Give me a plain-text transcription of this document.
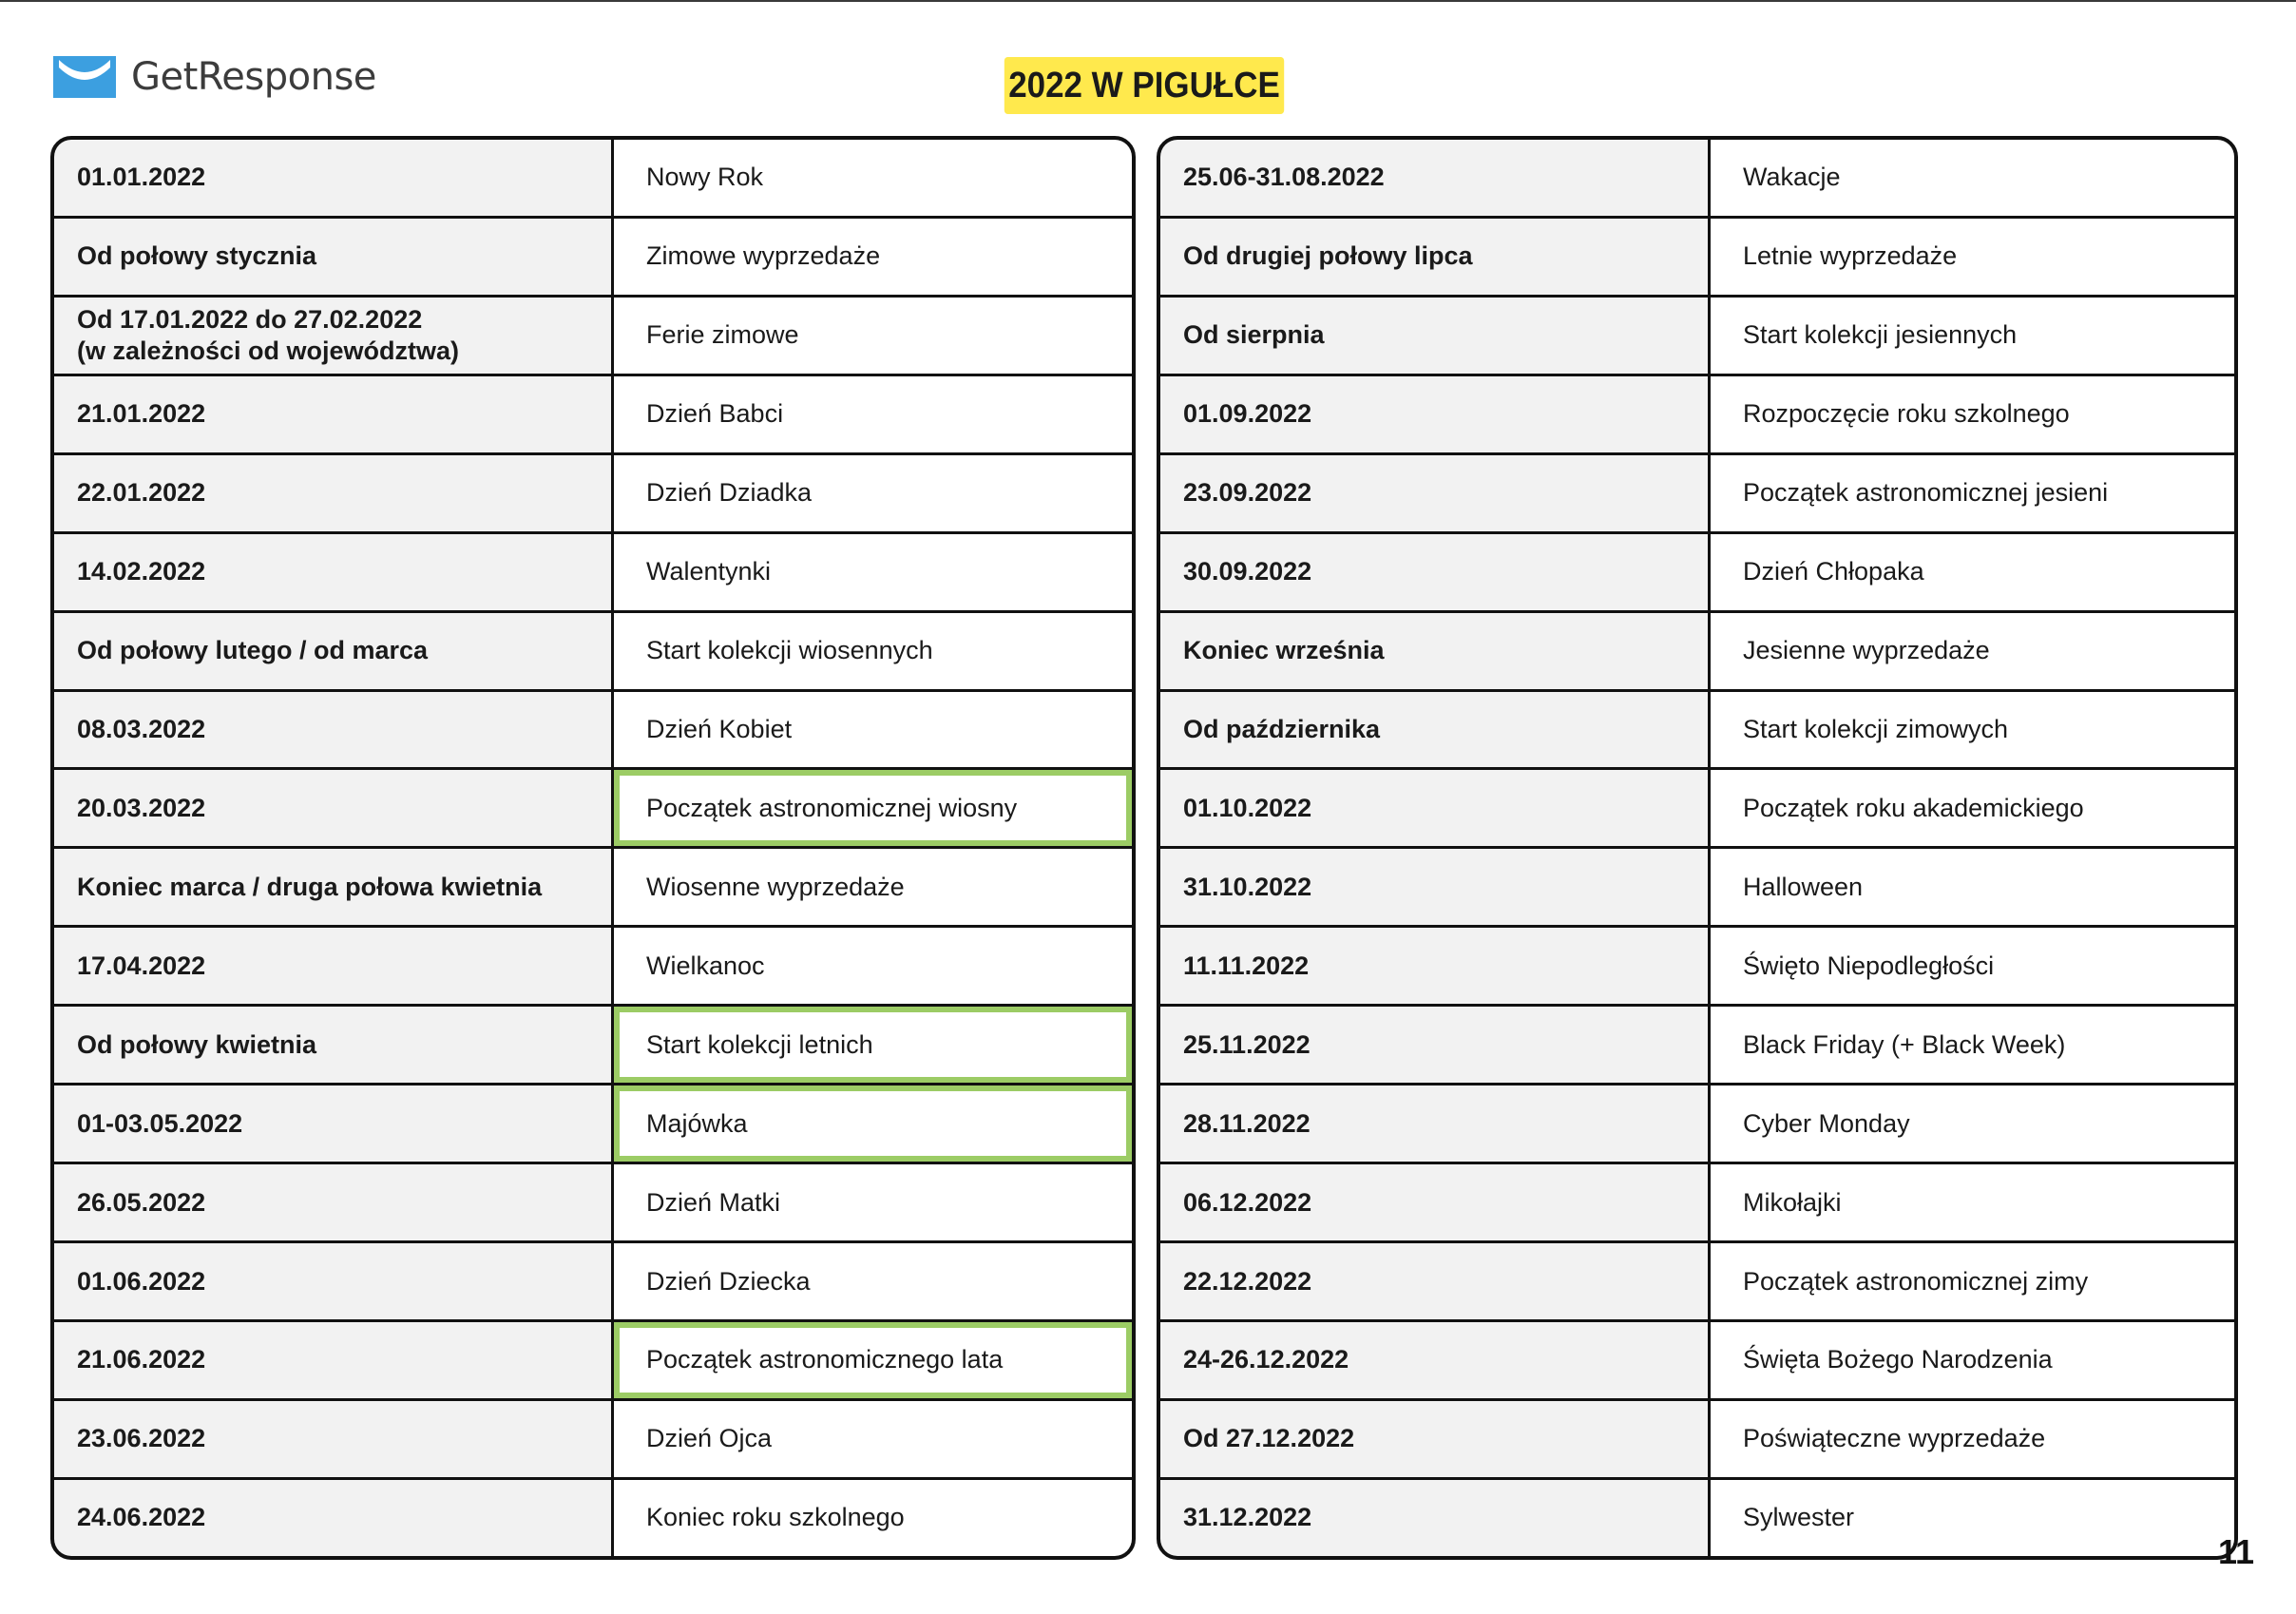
GetResponse	2022 W PIGUŁCE
01.01.2022	Nowy Rok
Od połowy stycznia	Zimowe wyprzedaże
Od 17.01.2022 do 27.02.2022
(w zależności od województwa)	Ferie zimowe
21.01.2022	Dzień Babci
22.01.2022	Dzień Dziadka
14.02.2022	Walentynki
Od połowy lutego / od marca	Start kolekcji wiosennych
08.03.2022	Dzień Kobiet
20.03.2022	Początek astronomicznej wiosny
Koniec marca / druga połowa kwietnia	Wiosenne wyprzedaże
17.04.2022	Wielkanoc
Od połowy kwietnia	Start kolekcji letnich
01-03.05.2022	Majówka
26.05.2022	Dzień Matki
01.06.2022	Dzień Dziecka
21.06.2022	Początek astronomicznego lata
23.06.2022	Dzień Ojca
24.06.2022	Koniec roku szkolnego
25.06-31.08.2022	Wakacje
Od drugiej połowy lipca	Letnie wyprzedaże
Od sierpnia	Start kolekcji jesiennych
01.09.2022	Rozpoczęcie roku szkolnego
23.09.2022	Początek astronomicznej jesieni
30.09.2022	Dzień Chłopaka
Koniec września	Jesienne wyprzedaże
Od października	Start kolekcji zimowych
01.10.2022	Początek roku akademickiego
31.10.2022	Halloween
11.11.2022	Święto Niepodległości
25.11.2022	Black Friday (+ Black Week)
28.11.2022	Cyber Monday
06.12.2022	Mikołajki
22.12.2022	Początek astronomicznej zimy
24-26.12.2022	Święta Bożego Narodzenia
Od 27.12.2022	Poświąteczne wyprzedaże
31.12.2022	Sylwester
11
